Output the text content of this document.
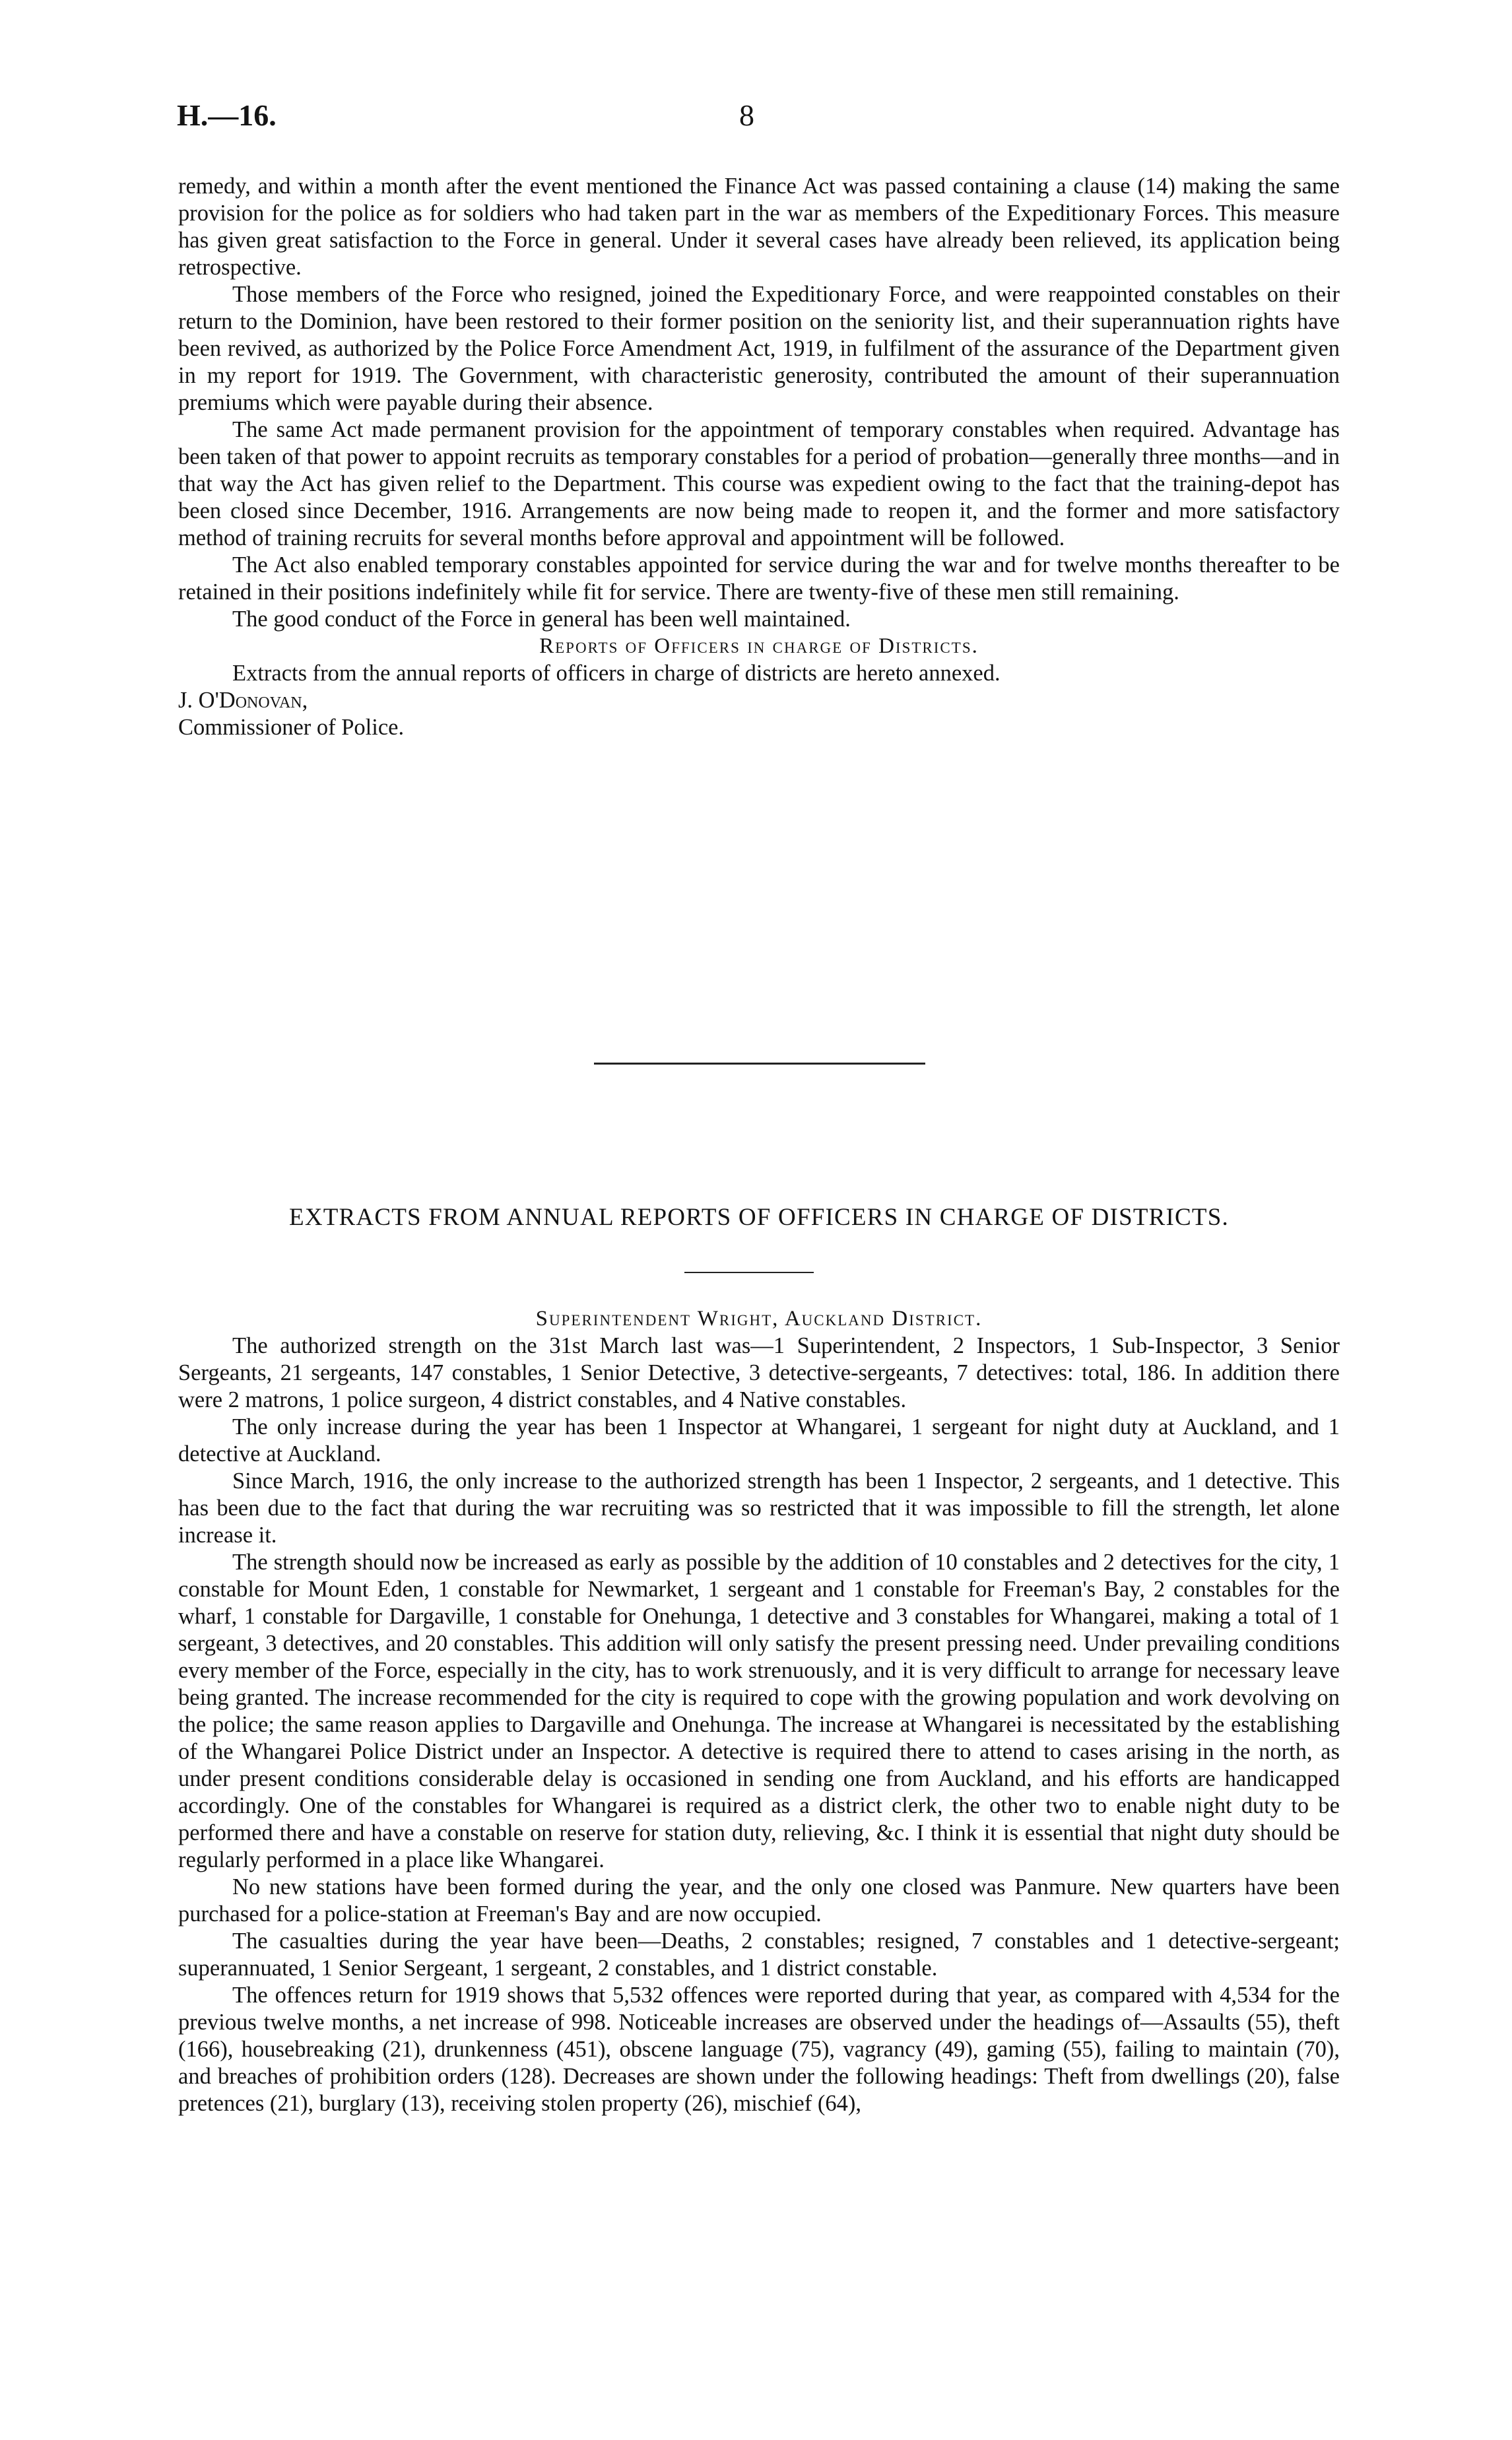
H.—16.	8

remedy, and within a month after the event mentioned the Finance Act was passed containing a clause (14) making the same provision for the police as for soldiers who had taken part in the war as members of the Expeditionary Forces. This measure has given great satisfaction to the Force in general. Under it several cases have already been relieved, its application being retrospective.

Those members of the Force who resigned, joined the Expeditionary Force, and were reappointed constables on their return to the Dominion, have been restored to their former position on the seniority list, and their superannuation rights have been revived, as authorized by the Police Force Amendment Act, 1919, in fulfilment of the assurance of the Department given in my report for 1919. The Government, with characteristic generosity, contributed the amount of their superannuation premiums which were payable during their absence.

The same Act made permanent provision for the appointment of temporary constables when required. Advantage has been taken of that power to appoint recruits as temporary constables for a period of probation—generally three months—and in that way the Act has given relief to the Department. This course was expedient owing to the fact that the training-depot has been closed since December, 1916. Arrangements are now being made to reopen it, and the former and more satisfactory method of training recruits for several months before approval and appointment will be followed.

The Act also enabled temporary constables appointed for service during the war and for twelve months thereafter to be retained in their positions indefinitely while fit for service. There are twenty-five of these men still remaining.

The good conduct of the Force in general has been well maintained.

Reports of Officers in charge of Districts.

Extracts from the annual reports of officers in charge of districts are hereto annexed.

J. O'Donovan,

Commissioner of Police.

EXTRACTS FROM ANNUAL REPORTS OF OFFICERS IN CHARGE OF DISTRICTS.

Superintendent Wright, Auckland District.

The authorized strength on the 31st March last was—1 Superintendent, 2 Inspectors, 1 Sub-Inspector, 3 Senior Sergeants, 21 sergeants, 147 constables, 1 Senior Detective, 3 detective-sergeants, 7 detectives: total, 186. In addition there were 2 matrons, 1 police surgeon, 4 district constables, and 4 Native constables.

The only increase during the year has been 1 Inspector at Whangarei, 1 sergeant for night duty at Auckland, and 1 detective at Auckland.

Since March, 1916, the only increase to the authorized strength has been 1 Inspector, 2 sergeants, and 1 detective. This has been due to the fact that during the war recruiting was so restricted that it was impossible to fill the strength, let alone increase it.

The strength should now be increased as early as possible by the addition of 10 constables and 2 detectives for the city, 1 constable for Mount Eden, 1 constable for Newmarket, 1 sergeant and 1 constable for Freeman's Bay, 2 constables for the wharf, 1 constable for Dargaville, 1 constable for Onehunga, 1 detective and 3 constables for Whangarei, making a total of 1 sergeant, 3 detectives, and 20 constables. This addition will only satisfy the present pressing need. Under prevailing conditions every member of the Force, especially in the city, has to work strenuously, and it is very difficult to arrange for necessary leave being granted. The increase recommended for the city is required to cope with the growing population and work devolving on the police; the same reason applies to Dargaville and Onehunga. The increase at Whangarei is necessitated by the establishing of the Whangarei Police District under an Inspector. A detective is required there to attend to cases arising in the north, as under present conditions considerable delay is occasioned in sending one from Auckland, and his efforts are handicapped accordingly. One of the constables for Whangarei is required as a district clerk, the other two to enable night duty to be performed there and have a constable on reserve for station duty, relieving, &c. I think it is essential that night duty should be regularly performed in a place like Whangarei.

No new stations have been formed during the year, and the only one closed was Panmure. New quarters have been purchased for a police-station at Freeman's Bay and are now occupied.

The casualties during the year have been—Deaths, 2 constables; resigned, 7 constables and 1 detective-sergeant; superannuated, 1 Senior Sergeant, 1 sergeant, 2 constables, and 1 district constable.

The offences return for 1919 shows that 5,532 offences were reported during that year, as compared with 4,534 for the previous twelve months, a net increase of 998. Noticeable increases are observed under the headings of—Assaults (55), theft (166), housebreaking (21), drunkenness (451), obscene language (75), vagrancy (49), gaming (55), failing to maintain (70), and breaches of prohibition orders (128). Decreases are shown under the following headings: Theft from dwellings (20), false pretences (21), burglary (13), receiving stolen property (26), mischief (64),
